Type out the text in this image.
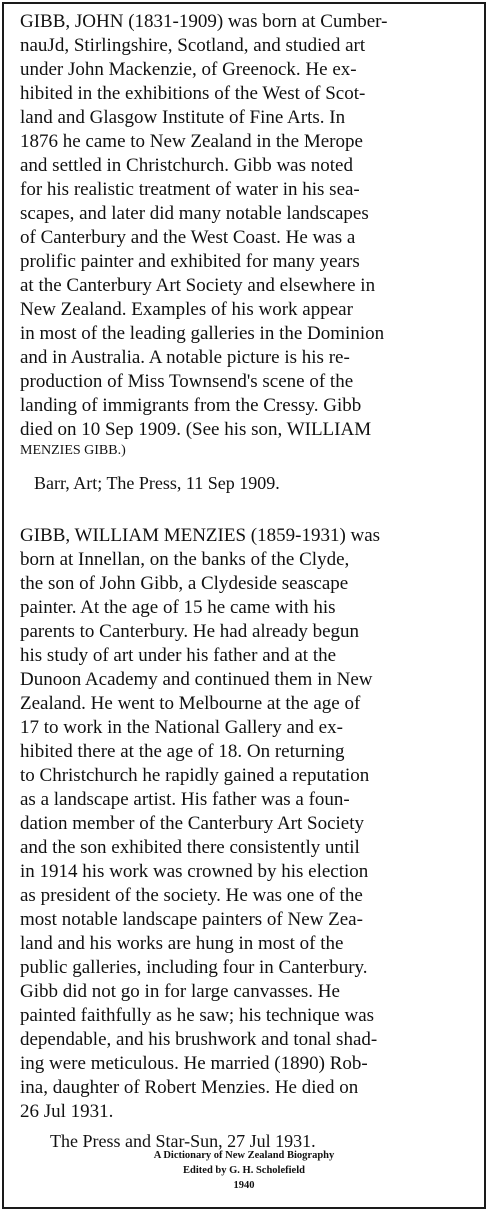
GIBB, JOHN (1831-1909) was born at Cumber-
nauJd, Stirlingshire, Scotland, and studied art
under John Mackenzie, of Greenock. He ex-
hibited in the exhibitions of the West of Scot-
land and Glasgow Institute of Fine Arts. In
1876 he came to New Zealand in the Merope
and settled in Christchurch. Gibb was noted
for his realistic treatment of water in his sea-
scapes, and later did many notable landscapes
of Canterbury and the West Coast. He was a
prolific painter and exhibited for many years
at the Canterbury Art Society and elsewhere in
New Zealand. Examples of his work appear
in most of the leading galleries in the Dominion
and in Australia. A notable picture is his re-
production of Miss Townsend's scene of the
landing of immigrants from the Cressy. Gibb
died on 10 Sep 1909. (See his son, WILLIAM
MENZIES GIBB.)
Barr, Art; The Press, 11 Sep 1909.
GIBB, WILLIAM MENZIES (1859-1931) was
born at Innellan, on the banks of the Clyde,
the son of John Gibb, a Clydeside seascape
painter. At the age of 15 he came with his
parents to Canterbury. He had already begun
his study of art under his father and at the
Dunoon Academy and continued them in New
Zealand. He went to Melbourne at the age of
17 to work in the National Gallery and ex-
hibited there at the age of 18. On returning
to Christchurch he rapidly gained a reputation
as a landscape artist. His father was a foun-
dation member of the Canterbury Art Society
and the son exhibited there consistently until
in 1914 his work was crowned by his election
as president of the society. He was one of the
most notable landscape painters of New Zea-
land and his works are hung in most of the
public galleries, including four in Canterbury.
Gibb did not go in for large canvasses. He
painted faithfully as he saw; his technique was
dependable, and his brushwork and tonal shad-
ing were meticulous. He married (1890) Rob-
ina, daughter of Robert Menzies. He died on
26 Jul 1931.
The Press and Star-Sun, 27 Jul 1931.
A Dictionary of New Zealand Biography
Edited by G. H. Scholefield
1940
